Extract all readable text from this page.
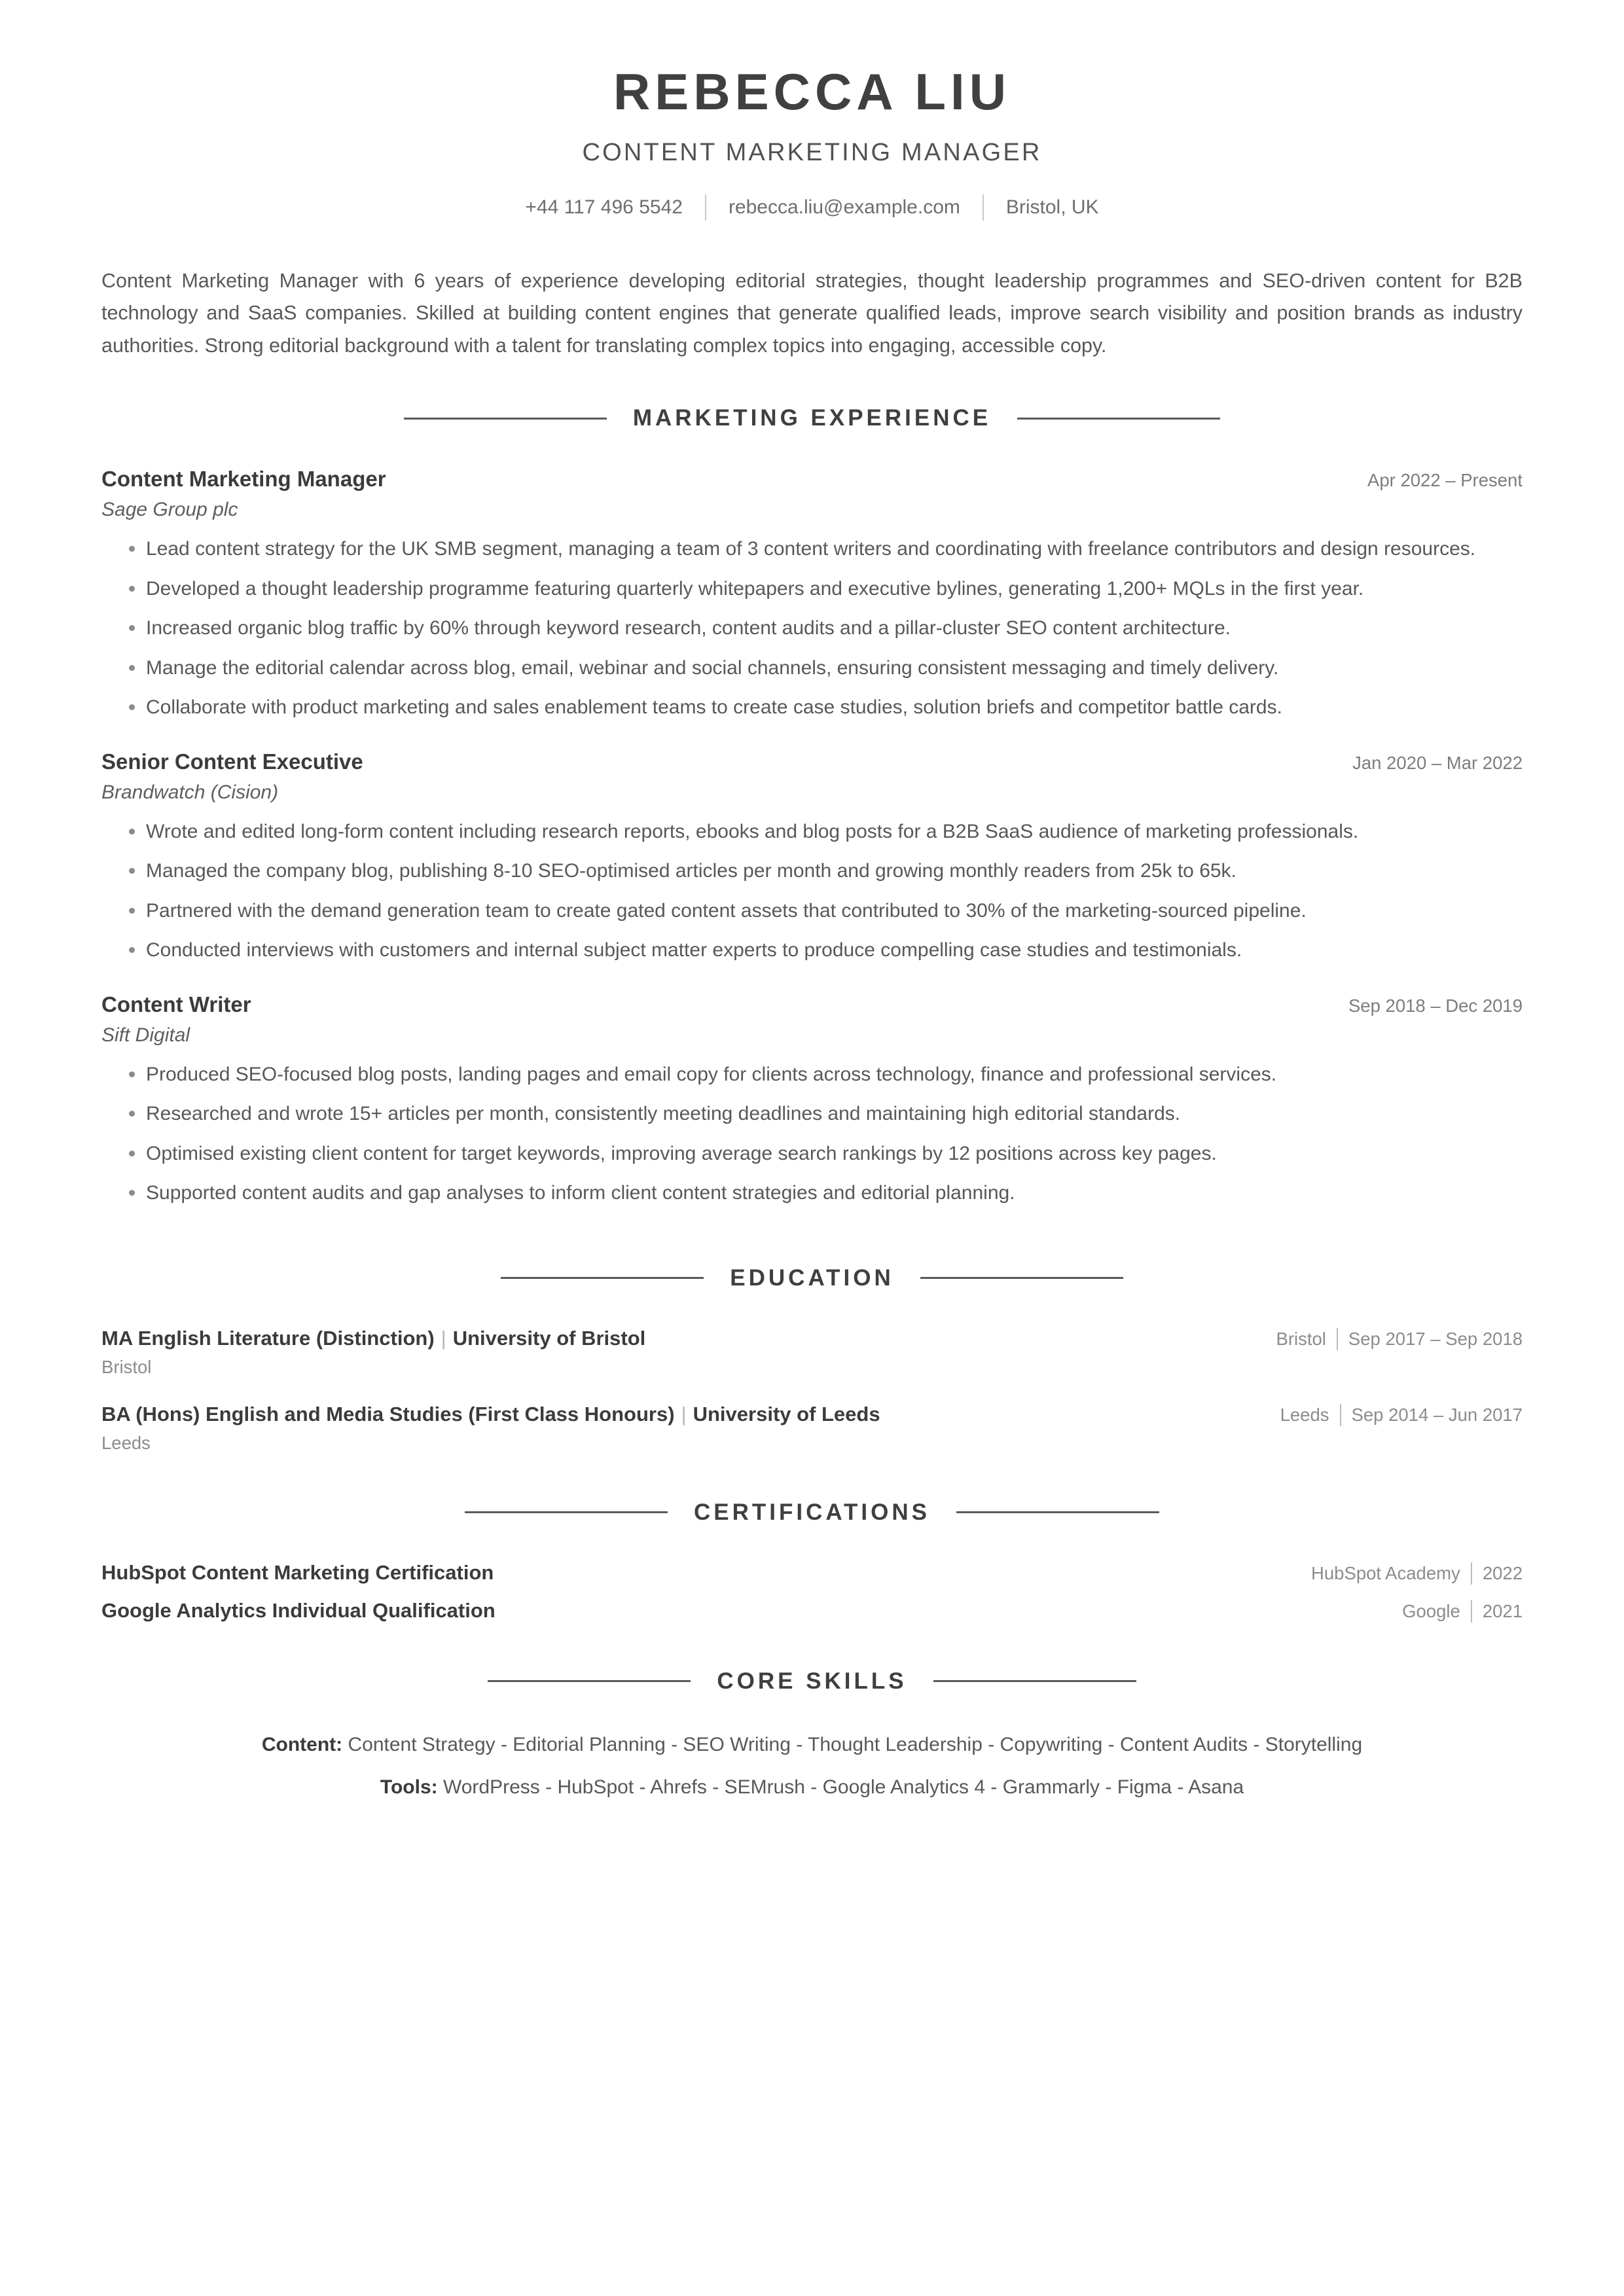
REBECCA LIU
CONTENT MARKETING MANAGER
+44 117 496 5542	rebecca.liu@example.com	Bristol, UK
Content Marketing Manager with 6 years of experience developing editorial strategies, thought leadership programmes and SEO-driven content for B2B technology and SaaS companies. Skilled at building content engines that generate qualified leads, improve search visibility and position brands as industry authorities. Strong editorial background with a talent for translating complex topics into engaging, accessible copy.
MARKETING EXPERIENCE
Content Marketing Manager	Apr 2022 – Present
Sage Group plc
Lead content strategy for the UK SMB segment, managing a team of 3 content writers and coordinating with freelance contributors and design resources.
Developed a thought leadership programme featuring quarterly whitepapers and executive bylines, generating 1,200+ MQLs in the first year.
Increased organic blog traffic by 60% through keyword research, content audits and a pillar-cluster SEO content architecture.
Manage the editorial calendar across blog, email, webinar and social channels, ensuring consistent messaging and timely delivery.
Collaborate with product marketing and sales enablement teams to create case studies, solution briefs and competitor battle cards.
Senior Content Executive	Jan 2020 – Mar 2022
Brandwatch (Cision)
Wrote and edited long-form content including research reports, ebooks and blog posts for a B2B SaaS audience of marketing professionals.
Managed the company blog, publishing 8-10 SEO-optimised articles per month and growing monthly readers from 25k to 65k.
Partnered with the demand generation team to create gated content assets that contributed to 30% of the marketing-sourced pipeline.
Conducted interviews with customers and internal subject matter experts to produce compelling case studies and testimonials.
Content Writer	Sep 2018 – Dec 2019
Sift Digital
Produced SEO-focused blog posts, landing pages and email copy for clients across technology, finance and professional services.
Researched and wrote 15+ articles per month, consistently meeting deadlines and maintaining high editorial standards.
Optimised existing client content for target keywords, improving average search rankings by 12 positions across key pages.
Supported content audits and gap analyses to inform client content strategies and editorial planning.
EDUCATION
MA English Literature (Distinction) | University of Bristol	Bristol Sep 2017 – Sep 2018
Bristol
BA (Hons) English and Media Studies (First Class Honours) | University of Leeds	Leeds Sep 2014 – Jun 2017
Leeds
CERTIFICATIONS
HubSpot Content Marketing Certification	HubSpot Academy 2022
Google Analytics Individual Qualification	Google 2021
CORE SKILLS
Content: Content Strategy - Editorial Planning - SEO Writing - Thought Leadership - Copywriting - Content Audits - Storytelling
Tools: WordPress - HubSpot - Ahrefs - SEMrush - Google Analytics 4 - Grammarly - Figma - Asana
